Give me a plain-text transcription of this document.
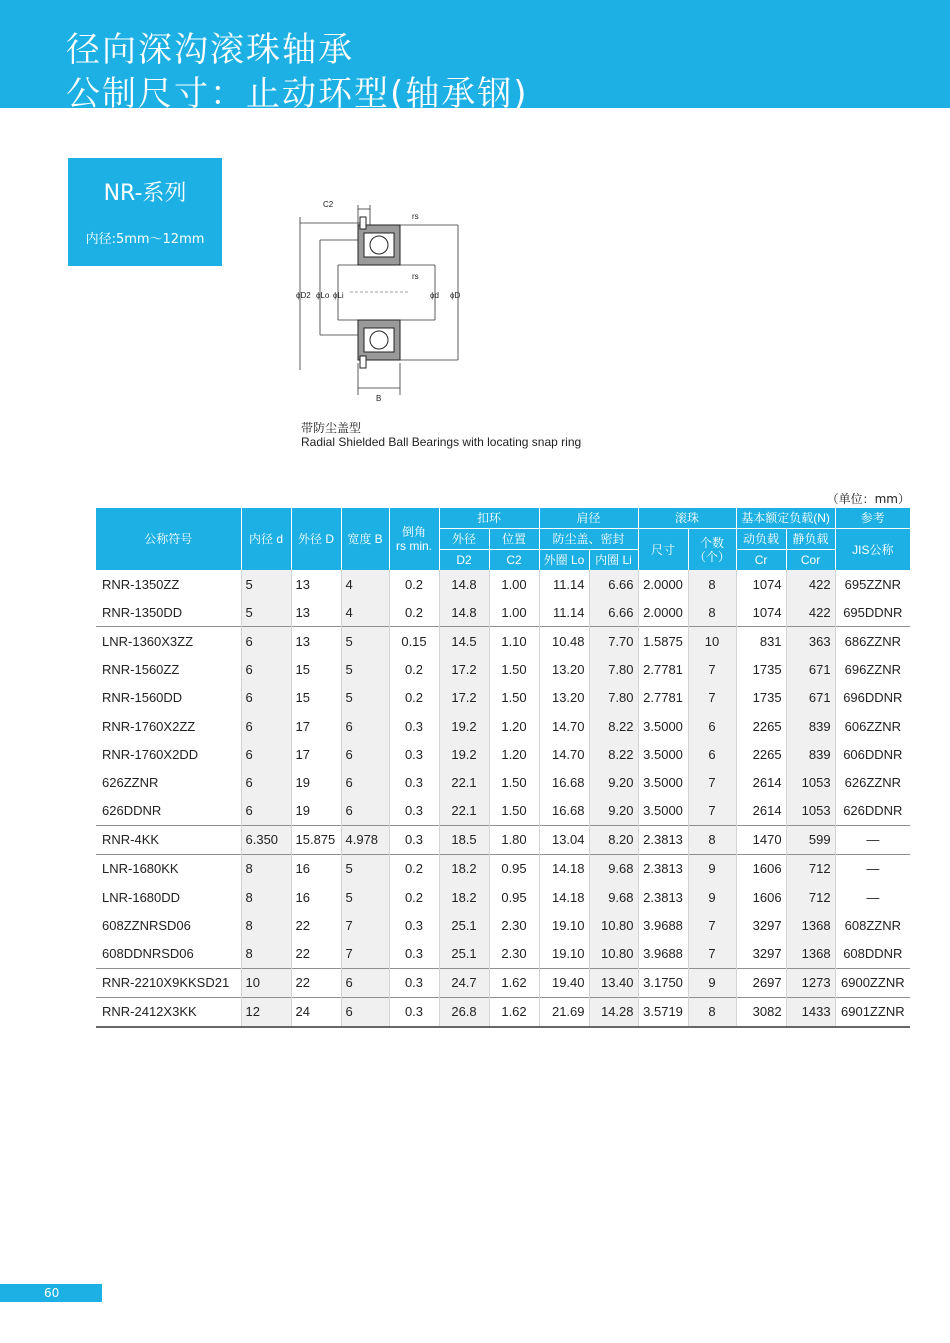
径向深沟滚珠轴承
公制尺寸：止动环型(轴承钢)
NR-系列
内径:5mm～12mm
C2
rs
rs
ϕD2 ϕLo ϕLi	ϕd ϕD
B
带防尘盖型
Radial Shielded Ball Bearings with locating snap ring
（单位：mm）
公称符号	内径 d	外径 D	宽度 B	倒角
rs min.	扣环		肩径		滚珠		基本额定负载(N)		参考
					外径	位置	防尘盖、密封		尺寸	个数（个）	动负载	静负载	JIS公称
					D2	C2	外圈 Lo	内圈 Li			Cr	Cor	
RNR-1350ZZ	5	13	4	0.2	14.8	1.00	11.14	6.66	2.0000	8	1074	422	695ZZNR
RNR-1350DD	5	13	4	0.2	14.8	1.00	11.14	6.66	2.0000	8	1074	422	695DDNR
LNR-1360X3ZZ	6	13	5	0.15	14.5	1.10	10.48	7.70	1.5875	10	831	363	686ZZNR
RNR-1560ZZ	6	15	5	0.2	17.2	1.50	13.20	7.80	2.7781	7	1735	671	696ZZNR
RNR-1560DD	6	15	5	0.2	17.2	1.50	13.20	7.80	2.7781	7	1735	671	696DDNR
RNR-1760X2ZZ	6	17	6	0.3	19.2	1.20	14.70	8.22	3.5000	6	2265	839	606ZZNR
RNR-1760X2DD	6	17	6	0.3	19.2	1.20	14.70	8.22	3.5000	6	2265	839	606DDNR
626ZZNR	6	19	6	0.3	22.1	1.50	16.68	9.20	3.5000	7	2614	1053	626ZZNR
626DDNR	6	19	6	0.3	22.1	1.50	16.68	9.20	3.5000	7	2614	1053	626DDNR
RNR-4KK	6.350	15.875	4.978	0.3	18.5	1.80	13.04	8.20	2.3813	8	1470	599	—
LNR-1680KK	8	16	5	0.2	18.2	0.95	14.18	9.68	2.3813	9	1606	712	—
LNR-1680DD	8	16	5	0.2	18.2	0.95	14.18	9.68	2.3813	9	1606	712	—
608ZZNRSD06	8	22	7	0.3	25.1	2.30	19.10	10.80	3.9688	7	3297	1368	608ZZNR
608DDNRSD06	8	22	7	0.3	25.1	2.30	19.10	10.80	3.9688	7	3297	1368	608DDNR
RNR-2210X9KKSD21	10	22	6	0.3	24.7	1.62	19.40	13.40	3.1750	9	2697	1273	6900ZZNR
RNR-2412X3KK	12	24	6	0.3	26.8	1.62	21.69	14.28	3.5719	8	3082	1433	6901ZZNR
60
